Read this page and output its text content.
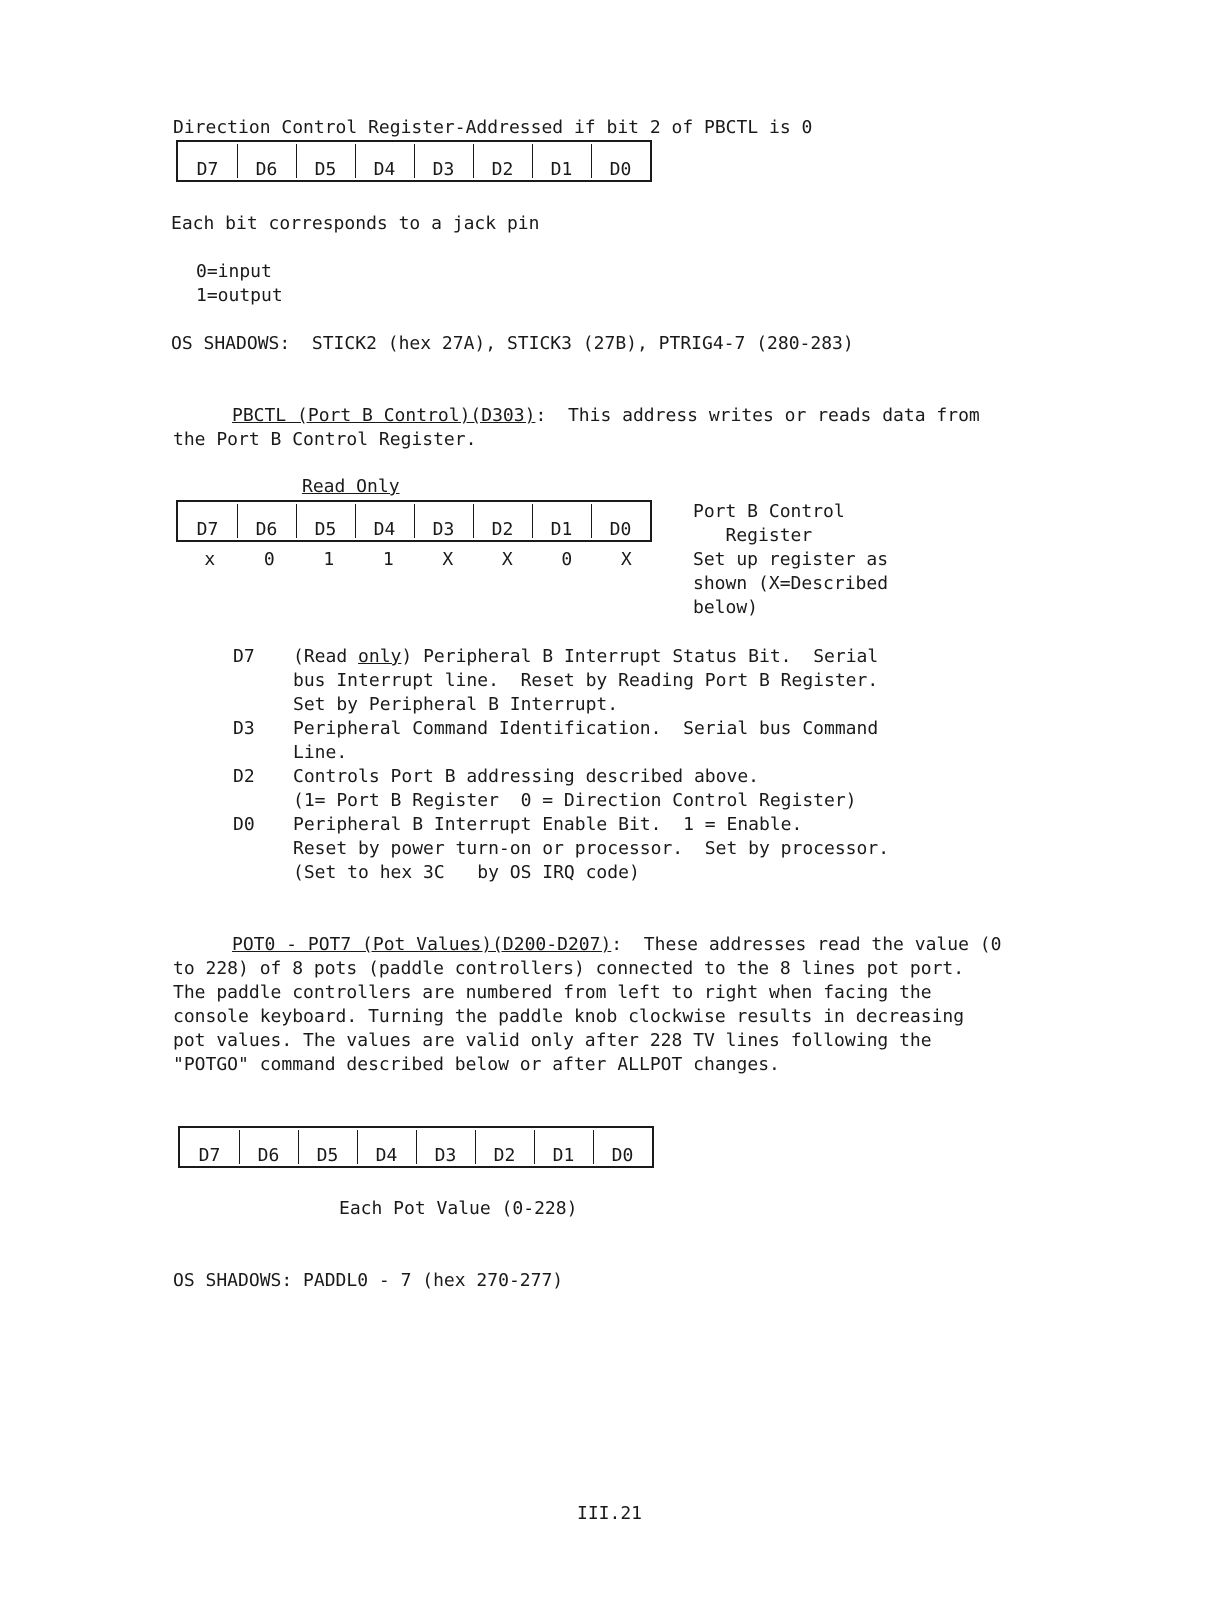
Direction Control Register-Addressed if bit 2 of PBCTL is 0
D7	D6	D5	D4	D3	D2	D1	D0
Each bit corresponds to a jack pin
0=input
1=output
OS SHADOWS:  STICK2 (hex 27A), STICK3 (27B), PTRIG4-7 (280-283)
PBCTL (Port B Control)(D303):  This address writes or reads data from
the Port B Control Register.
Read Only
D7	D6	D5	D4	D3	D2	D1	D0
x	0	1	1	X	X	0	X
Port B Control
Register
Set up register as
shown (X=Described
below)
D7	(Read only) Peripheral B Interrupt Status Bit.  Serial
bus Interrupt line.  Reset by Reading Port B Register.
Set by Peripheral B Interrupt.
D3	Peripheral Command Identification.  Serial bus Command
Line.
D2	Controls Port B addressing described above.
(1= Port B Register  0 = Direction Control Register)
D0	Peripheral B Interrupt Enable Bit.  1 = Enable.
Reset by power turn-on or processor.  Set by processor.
(Set to hex 3C   by OS IRQ code)
POT0 - POT7 (Pot Values)(D200-D207):  These addresses read the value (0
to 228) of 8 pots (paddle controllers) connected to the 8 lines pot port.
The paddle controllers are numbered from left to right when facing the
console keyboard. Turning the paddle knob clockwise results in decreasing
pot values. The values are valid only after 228 TV lines following the
"POTGO" command described below or after ALLPOT changes.
D7	D6	D5	D4	D3	D2	D1	D0
Each Pot Value (0-228)
OS SHADOWS: PADDL0 - 7 (hex 270-277)
III.21
